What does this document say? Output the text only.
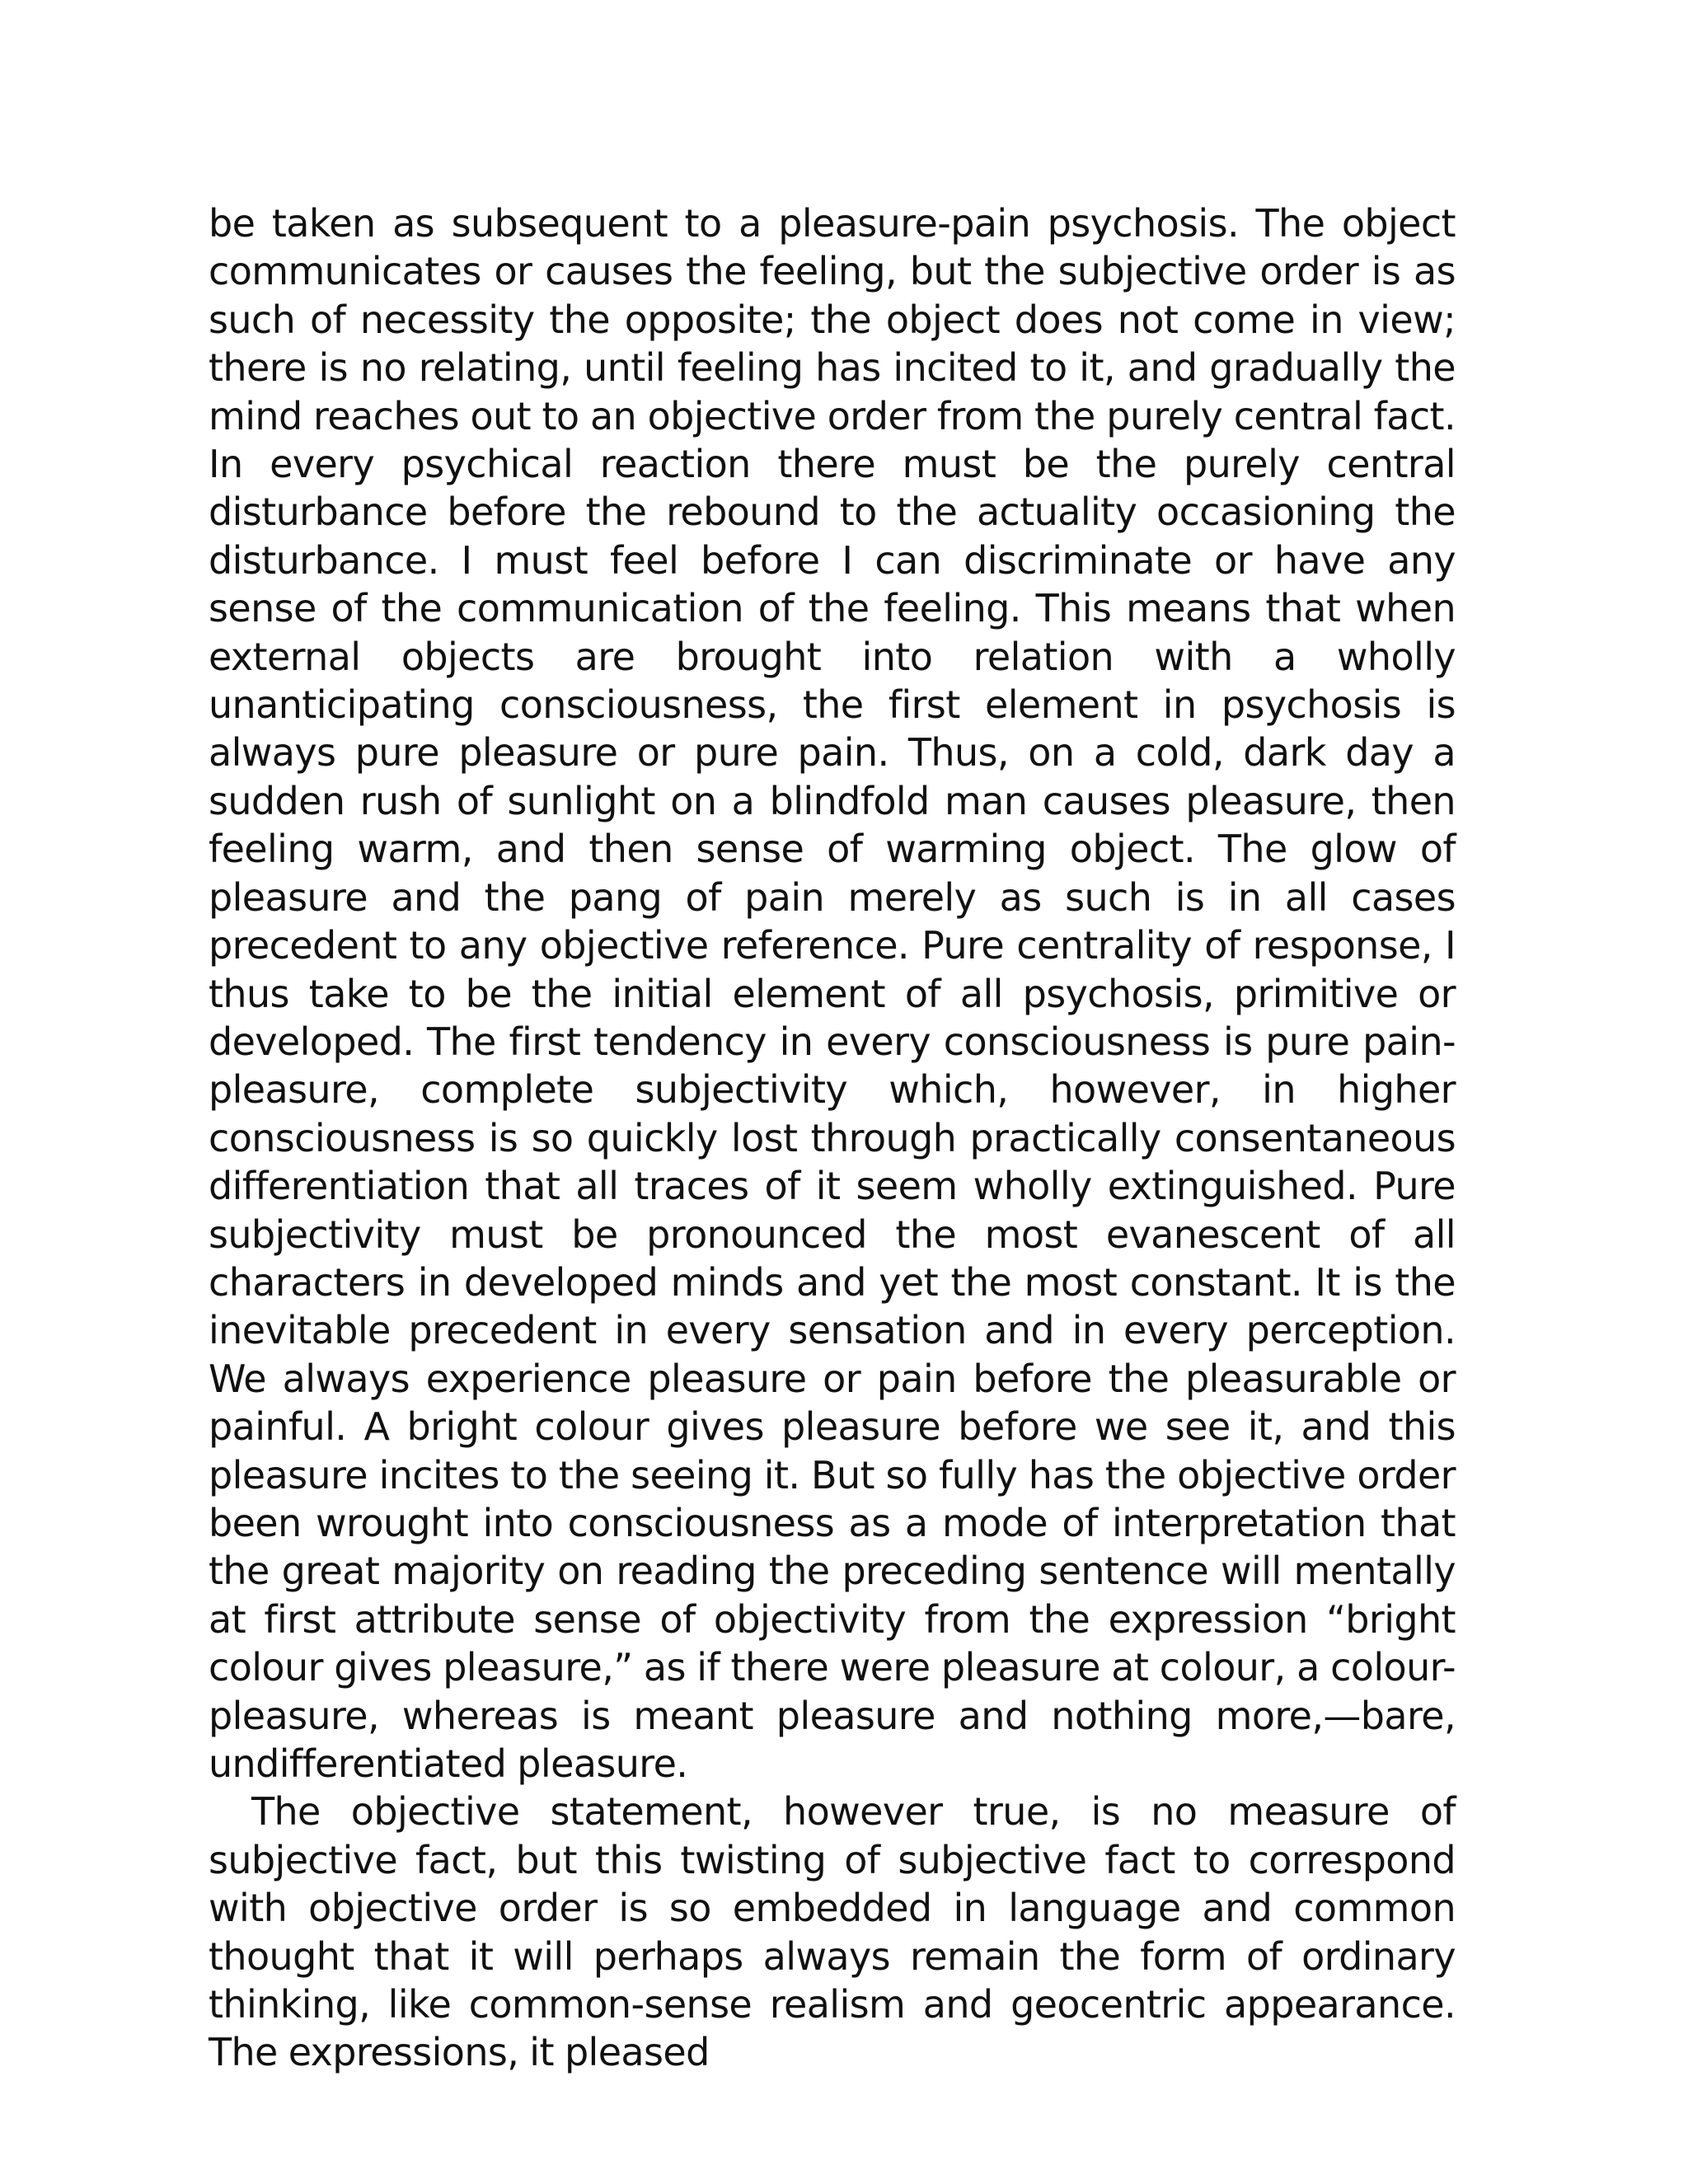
be taken as subsequent to a pleasure-pain psychosis. The object communicates or causes the feeling, but the subjective order is as such of necessity the opposite; the object does not come in view; there is no relating, until feeling has incited to it, and gradually the mind reaches out to an objective order from the purely central fact. In every psychical reaction there must be the purely central disturbance before the rebound to the actuality occasioning the disturbance. I must feel before I can discriminate or have any sense of the communication of the feeling. This means that when external objects are brought into relation with a wholly unanticipating consciousness, the first element in psychosis is always pure pleasure or pure pain. Thus, on a cold, dark day a sudden rush of sunlight on a blindfold man causes pleasure, then feeling warm, and then sense of warming object. The glow of pleasure and the pang of pain merely as such is in all cases precedent to any objective reference. Pure centrality of response, I thus take to be the initial element of all psychosis, primitive or developed. The first tendency in every consciousness is pure pain-pleasure, complete subjectivity which, however, in higher consciousness is so quickly lost through practically consentaneous differentiation that all traces of it seem wholly extinguished. Pure subjectivity must be pronounced the most evanescent of all characters in developed minds and yet the most constant. It is the inevitable precedent in every sensation and in every perception. We always experience pleasure or pain before the pleasurable or painful. A bright colour gives pleasure before we see it, and this pleasure incites to the seeing it. But so fully has the objective order been wrought into consciousness as a mode of interpretation that the great majority on reading the preceding sentence will mentally at first attribute sense of objectivity from the expression “bright colour gives pleasure,” as if there were pleasure at colour, a colour-pleasure, whereas is meant pleasure and nothing more,—bare, undifferentiated pleasure.

The objective statement, however true, is no measure of subjective fact, but this twisting of subjective fact to correspond with objective order is so embedded in language and common thought that it will perhaps always remain the form of ordinary thinking, like common-sense realism and geocentric appearance. The expressions, it pleased
